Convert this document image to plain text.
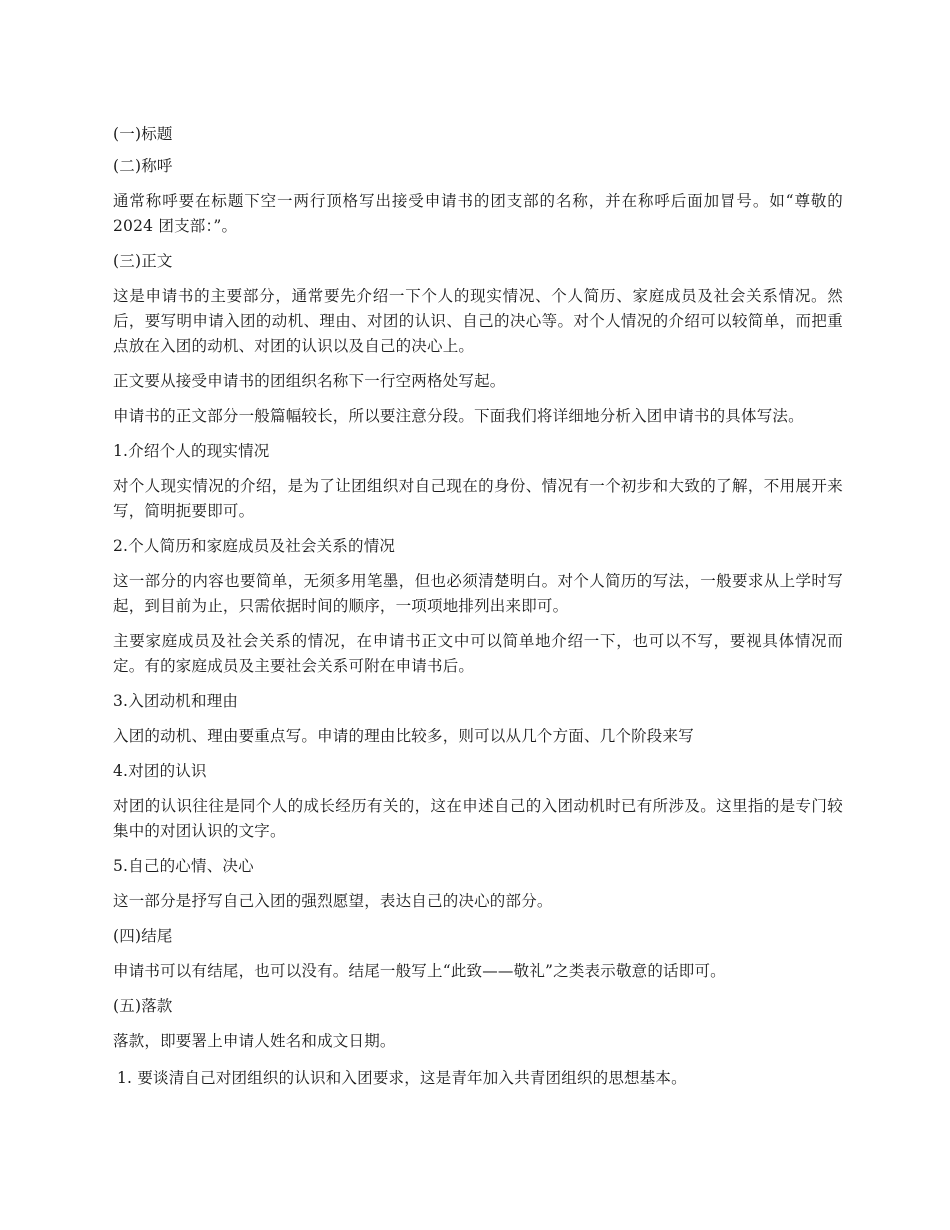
(一)标题

(二)称呼

通常称呼要在标题下空一两行顶格写出接受申请书的团支部的名称，并在称呼后面加冒号。如“尊敬的 2024 团支部：”。

(三)正文

这是申请书的主要部分，通常要先介绍一下个人的现实情况、个人简历、家庭成员及社会关系情况。然后，要写明申请入团的动机、理由、对团的认识、自己的决心等。对个人情况的介绍可以较简单，而把重点放在入团的动机、对团的认识以及自己的决心上。

正文要从接受申请书的团组织名称下一行空两格处写起。

申请书的正文部分一般篇幅较长，所以要注意分段。下面我们将详细地分析入团申请书的具体写法。

1.介绍个人的现实情况

对个人现实情况的介绍，是为了让团组织对自己现在的身份、情况有一个初步和大致的了解，不用展开来写，简明扼要即可。

2.个人简历和家庭成员及社会关系的情况

这一部分的内容也要简单，无须多用笔墨，但也必须清楚明白。对个人简历的写法，一般要求从上学时写起，到目前为止，只需依据时间的顺序，一项项地排列出来即可。

主要家庭成员及社会关系的情况，在申请书正文中可以简单地介绍一下，也可以不写，要视具体情况而定。有的家庭成员及主要社会关系可附在申请书后。

3.入团动机和理由

入团的动机、理由要重点写。申请的理由比较多，则可以从几个方面、几个阶段来写

4.对团的认识

对团的认识往往是同个人的成长经历有关的，这在申述自己的入团动机时已有所涉及。这里指的是专门较集中的对团认识的文字。

5.自己的心情、决心

这一部分是抒写自己入团的强烈愿望，表达自己的决心的部分。

(四)结尾

申请书可以有结尾，也可以没有。结尾一般写上“此致——敬礼”之类表示敬意的话即可。

(五)落款

落款，即要署上申请人姓名和成文日期。

1. 要谈清自己对团组织的认识和入团要求，这是青年加入共青团组织的思想基本。
